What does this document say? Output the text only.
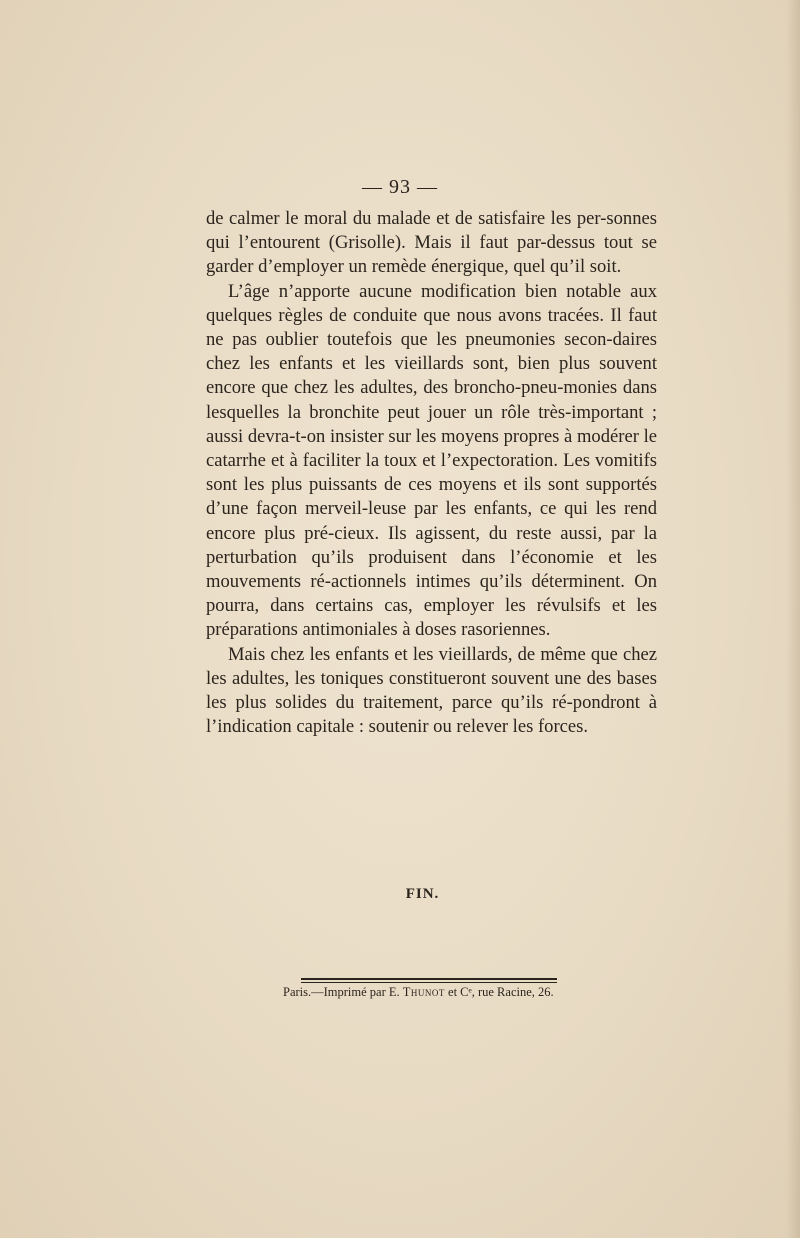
— 93 —

de calmer le moral du malade et de satisfaire les per-sonnes qui l’entourent (Grisolle). Mais il faut par-dessus tout se garder d’employer un remède énergique, quel qu’il soit.

L’âge n’apporte aucune modification bien notable aux quelques règles de conduite que nous avons tracées. Il faut ne pas oublier toutefois que les pneumonies secon-daires chez les enfants et les vieillards sont, bien plus souvent encore que chez les adultes, des broncho-pneu-monies dans lesquelles la bronchite peut jouer un rôle très-important ; aussi devra-t-on insister sur les moyens propres à modérer le catarrhe et à faciliter la toux et l’expectoration. Les vomitifs sont les plus puissants de ces moyens et ils sont supportés d’une façon merveil-leuse par les enfants, ce qui les rend encore plus pré-cieux. Ils agissent, du reste aussi, par la perturbation qu’ils produisent dans l’économie et les mouvements ré-actionnels intimes qu’ils déterminent. On pourra, dans certains cas, employer les révulsifs et les préparations antimoniales à doses rasoriennes.

Mais chez les enfants et les vieillards, de même que chez les adultes, les toniques constitueront souvent une des bases les plus solides du traitement, parce qu’ils ré-pondront à l’indication capitale : soutenir ou relever les forces.

FIN.
Paris.—Imprimé par E. Thunot et Cᵉ, rue Racine, 26.
